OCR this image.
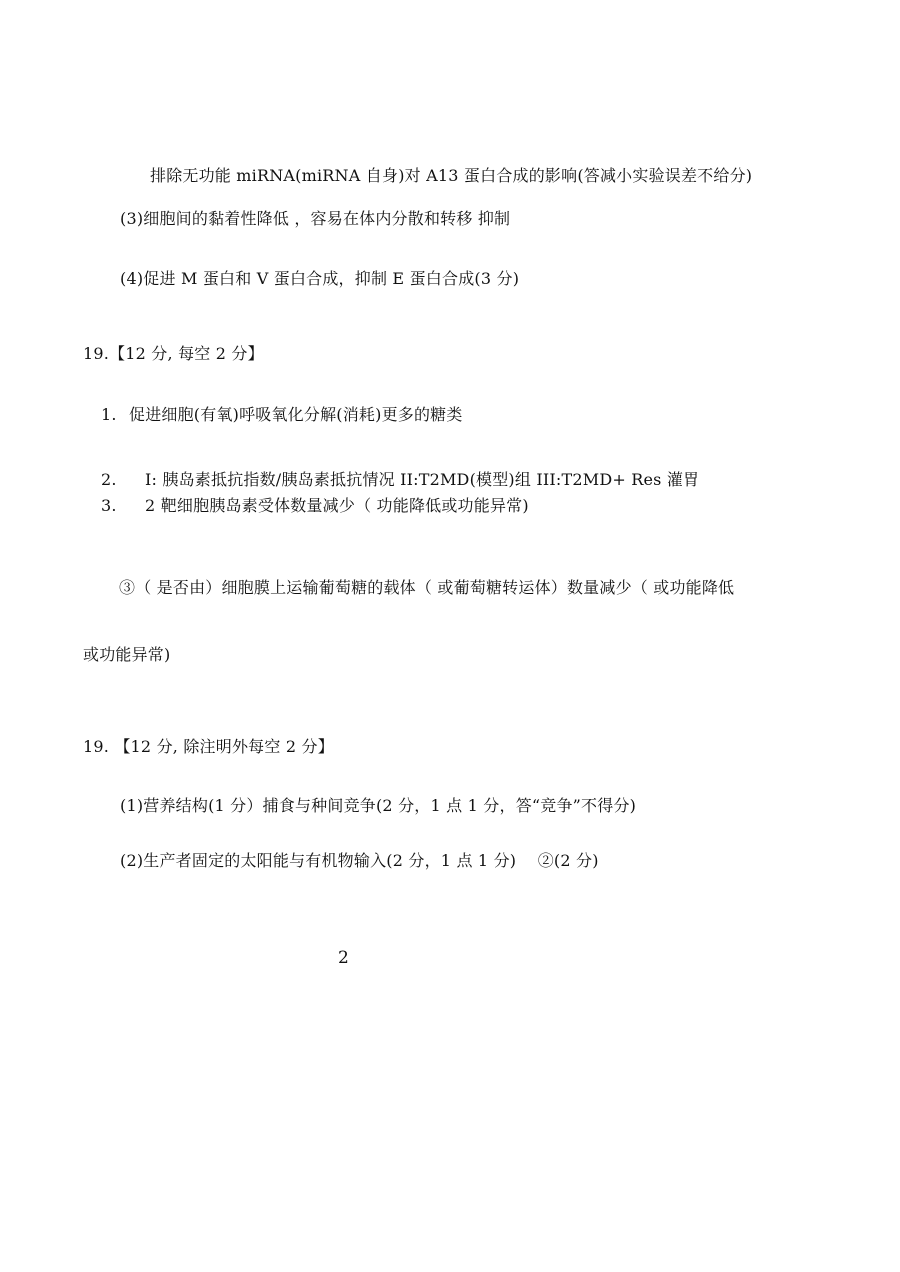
排除无功能 miRNA(miRNA 自身)对 A13 蛋白合成的影响(答减小实验误差不给分)
(3)细胞间的黏着性降低 ，容易在体内分散和转移 抑制
(4)促进 M 蛋白和 V 蛋白合成，抑制 E 蛋白合成(3 分)
19.【12 分, 每空 2 分】
1. 促进细胞(有氧)呼吸氧化分解(消耗)更多的糖类
2. I: 胰岛素抵抗指数/胰岛素抵抗情况 II:T2MD(模型)组 III:T2MD+ Res 灌胃
3. 2 靶细胞胰岛素受体数量减少（ 功能降低或功能异常)
③（ 是否由）细胞膜上运输葡萄糖的载体（ 或葡萄糖转运体）数量减少（ 或功能降低
或功能异常)
19. 【12 分, 除注明外每空 2 分】
(1)营养结构(1 分）捕食与种间竞争(2 分，1 点 1 分，答“竞争”不得分)
(2)生产者固定的太阳能与有机物输入(2 分，1 点 1 分)　 ②(2 分)
2
